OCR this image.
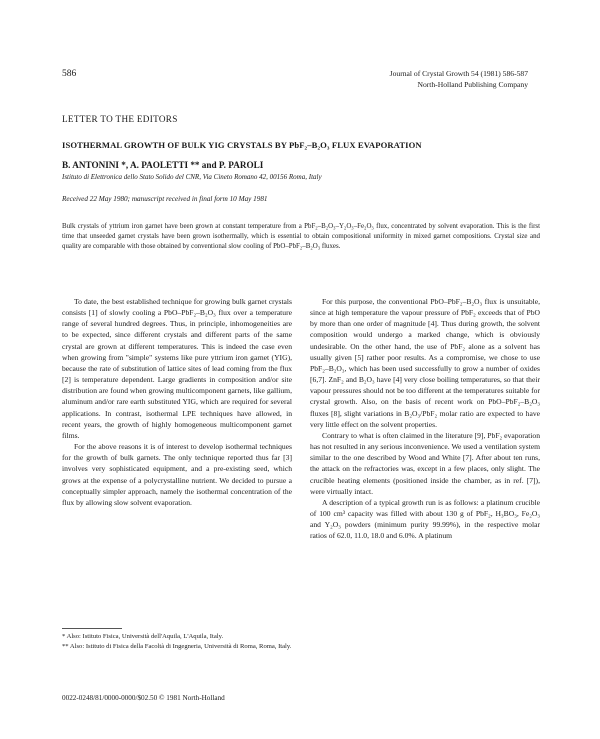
586	Journal of Crystal Growth 54 (1981) 586-587
North-Holland Publishing Company
LETTER TO THE EDITORS
ISOTHERMAL GROWTH OF BULK YIG CRYSTALS BY PbF₂–B₂O₃ FLUX EVAPORATION
B. ANTONINI *, A. PAOLETTI ** and P. PAROLI
Istituto di Elettronica dello Stato Solido del CNR, Via Cineto Romano 42, 00156 Roma, Italy
Received 22 May 1980; manuscript received in final form 10 May 1981
Bulk crystals of yttrium iron garnet have been grown at constant temperature from a PbF₂–B₂O₃–Y₂O₃–Fe₂O₃ flux, concentrated by solvent evaporation. This is the first time that unseeded garnet crystals have been grown isothermally, which is essential to obtain compositional uniformity in mixed garnet compositions. Crystal size and quality are comparable with those obtained by conventional slow cooling of PbO–PbF₂–B₂O₃ fluxes.

To date, the best established technique for growing bulk garnet crystals consists [1] of slowly cooling a PbO–PbF₂–B₂O₃ flux over a temperature range of several hundred degrees. Thus, in principle, inhomogeneities are to be expected, since different crystals and different parts of the same crystal are grown at different temperatures. This is indeed the case even when growing from "simple" systems like pure yttrium iron garnet (YIG), because the rate of substitution of lattice sites of lead coming from the flux [2] is temperature dependent. Large gradients in composition and/or site distribution are found when growing multicomponent garnets, like gallium, aluminum and/or rare earth substituted YIG, which are required for several applications. In contrast, isothermal LPE techniques have allowed, in recent years, the growth of highly homogeneous multicomponent garnet films.

For the above reasons it is of interest to develop isothermal techniques for the growth of bulk garnets. The only technique reported thus far [3] involves very sophisticated equipment, and a pre-existing seed, which grows at the expense of a polycrystalline nutrient. We decided to pursue a conceptually simpler approach, namely the isothermal concentration of the flux by allowing slow solvent evaporation.

For this purpose, the conventional PbO–PbF₂–B₂O₃ flux is unsuitable, since at high temperature the vapour pressure of PbF₂ exceeds that of PbO by more than one order of magnitude [4]. Thus during growth, the solvent composition would undergo a marked change, which is obviously undesirable. On the other hand, the use of PbF₂ alone as a solvent has usually given [5] rather poor results. As a compromise, we chose to use PbF₂–B₂O₃, which has been used successfully to grow a number of oxides [6,7]. ZnF₂ and B₂O₃ have [4] very close boiling temperatures, so that their vapour pressures should not be too different at the temperatures suitable for crystal growth. Also, on the basis of recent work on PbO–PbF₂–B₂O₃ fluxes [8], slight variations in B₂O₃/PbF₂ molar ratio are expected to have very little effect on the solvent properties.

Contrary to what is often claimed in the literature [9], PbF₂ evaporation has not resulted in any serious inconvenience. We used a ventilation system similar to the one described by Wood and White [7]. After about ten runs, the attack on the refractories was, except in a few places, only slight. The crucible heating elements (positioned inside the chamber, as in ref. [7]), were virtually intact.

A description of a typical growth run is as follows: a platinum crucible of 100 cm³ capacity was filled with about 130 g of PbF₂, H₃BO₃, Fe₂O₃ and Y₂O₃ powders (minimum purity 99.99%), in the respective molar ratios of 62.0, 11.0, 18.0 and 6.0%. A platinum

* Also: Istituto Fisica, Università dell'Aquila, L'Aquila, Italy.
** Also: Istituto di Fisica della Facoltà di Ingegneria, Università di Roma, Roma, Italy.
0022-0248/81/0000-0000/$02.50 © 1981 North-Holland
